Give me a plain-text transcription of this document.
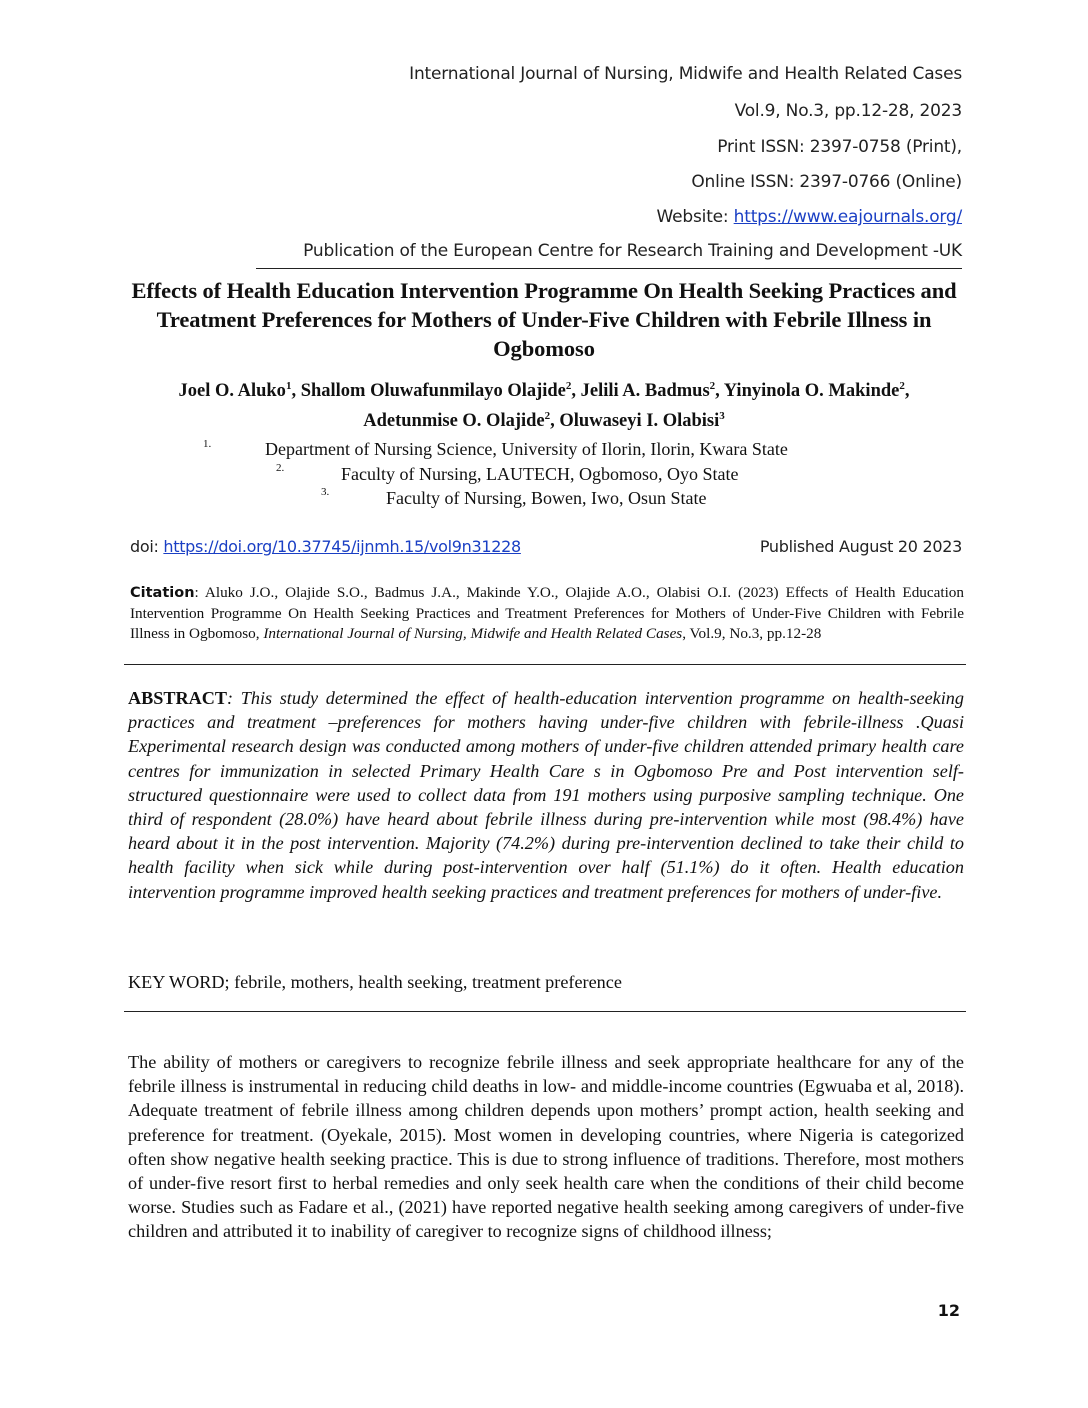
International Journal of Nursing, Midwife and Health Related Cases
Vol.9, No.3, pp.12-28, 2023
Print ISSN: 2397-0758 (Print),
Online ISSN: 2397-0766 (Online)
Website: https://www.eajournals.org/
Publication of the European Centre for Research Training and Development -UK
Effects of Health Education Intervention Programme On Health Seeking Practices and Treatment Preferences for Mothers of Under-Five Children with Febrile Illness in Ogbomoso
Joel O. Aluko$^1$, Shallom Oluwafunmilayo Olajide$^2$, Jelili A. Badmus$^2$, Yinyinola O. Makinde$^2$, Adetunmise O. Olajide$^2$, Oluwaseyi I. Olabisi$^3$
1.	Department of Nursing Science, University of Ilorin, Ilorin, Kwara State
2.	Faculty of Nursing, LAUTECH, Ogbomoso, Oyo State
3.	Faculty of Nursing, Bowen, Iwo, Osun State
doi: https://doi.org/10.37745/ijnmh.15/vol9n31228	Published August 20 2023
Citation: Aluko J.O., Olajide S.O., Badmus J.A., Makinde Y.O., Olajide A.O., Olabisi O.I. (2023) Effects of Health Education Intervention Programme On Health Seeking Practices and Treatment Preferences for Mothers of Under-Five Children with Febrile Illness in Ogbomoso, International Journal of Nursing, Midwife and Health Related Cases, Vol.9, No.3, pp.12-28
ABSTRACT: This study determined the effect of health-education intervention programme on health-seeking practices and treatment –preferences for mothers having under-five children with febrile-illness .Quasi Experimental research design was conducted among mothers of under-five children attended primary health care centres for immunization in selected Primary Health Care s in Ogbomoso Pre and Post intervention self-structured questionnaire were used to collect data from 191 mothers using purposive sampling technique. One third of respondent (28.0%) have heard about febrile illness during pre-intervention while most (98.4%) have heard about it in the post intervention. Majority (74.2%) during pre-intervention declined to take their child to health facility when sick while during post-intervention over half (51.1%) do it often. Health education intervention programme improved health seeking practices and treatment preferences for mothers of under-five.
KEY WORD; febrile, mothers, health seeking, treatment preference
The ability of mothers or caregivers to recognize febrile illness and seek appropriate healthcare for any of the febrile illness is instrumental in reducing child deaths in low- and middle-income countries (Egwuaba et al, 2018). Adequate treatment of febrile illness among children depends upon mothers’ prompt action, health seeking and preference for treatment. (Oyekale, 2015). Most women in developing countries, where Nigeria is categorized often show negative health seeking practice. This is due to strong influence of traditions. Therefore, most mothers of under-five resort first to herbal remedies and only seek health care when the conditions of their child become worse. Studies such as Fadare et al., (2021) have reported negative health seeking among caregivers of under-five children and attributed it to inability of caregiver to recognize signs of childhood illness;
12
